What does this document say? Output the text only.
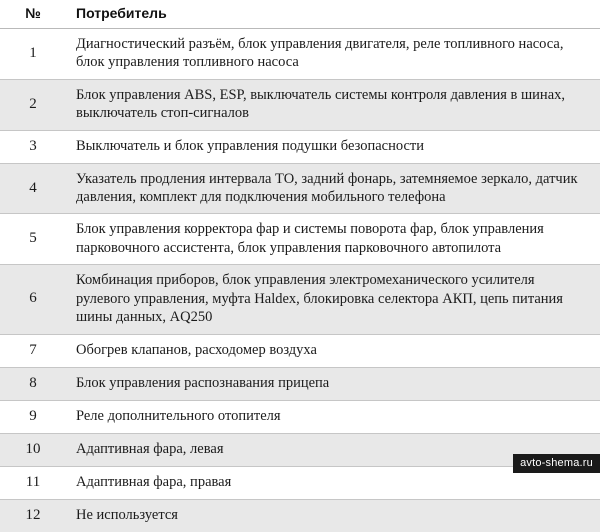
№	Потребитель
1	Диагностический разъём, блок управления двигателя, реле топливного насоса, блок управления топливного насоса
2	Блок управления ABS, ESP, выключатель системы контроля давления в шинах, выключатель стоп-сигналов
3	Выключатель и блок управления подушки безопасности
4	Указатель продления интервала ТО, задний фонарь, затемняемое зеркало, датчик давления, комплект для подключения мобильного телефона
5	Блок управления корректора фар и системы поворота фар, блок управления парковочного ассистента, блок управления парковочного автопилота
6	Комбинация приборов, блок управления электромеханического усилителя рулевого управления, муфта Haldex, блокировка селектора АКП, цепь питания шины данных, AQ250
7	Обогрев клапанов, расходомер воздуха
8	Блок управления распознавания прицепа
9	Реле дополнительного отопителя
10	Адаптивная фара, левая
11	Адаптивная фара, правая
12	Не используется
avto-shema.ru
